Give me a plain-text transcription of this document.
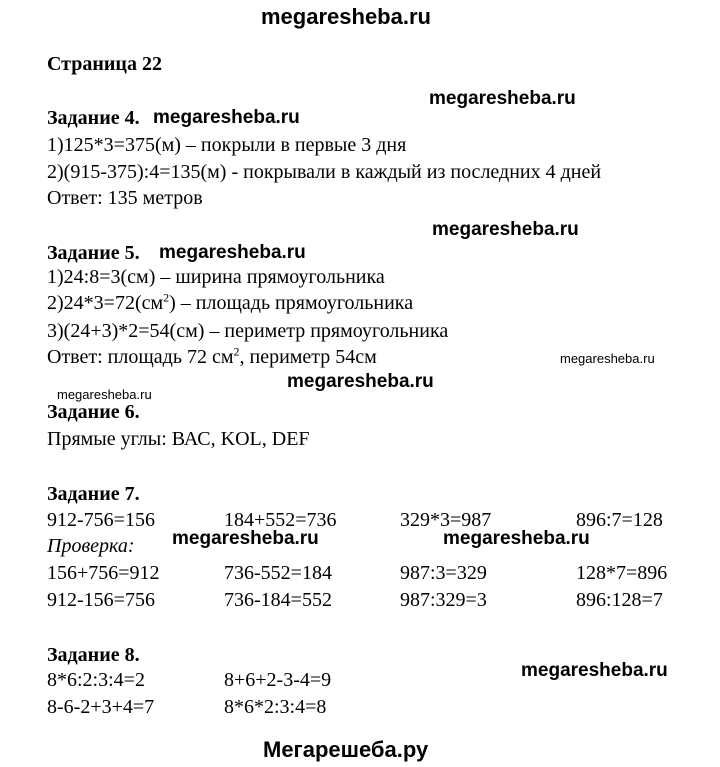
megaresheba.ru
Страница 22
Задание 4. megaresheba.ru
megaresheba.ru
1)125*3=375(м) – покрыли в первые 3 дня
2)(915-375):4=135(м) - покрывали в каждый из последних 4 дней
Ответ: 135 метров
Задание 5. megaresheba.ru
megaresheba.ru
1)24:8=3(см) – ширина прямоугольника
$2)24*3=72(см^2)$ – площадь прямоугольника
3)(24+3)*2=54(см) – периметр прямоугольника
Ответ: площадь 72 $см^2$, периметр 54см	megaresheba.ru
megaresheba.ru
megaresheba.ru
Задание 6.
Прямые углы: ВАС, KOL, DEF
Задание 7.
912-756=156	184+552=736	329*3=987	896:7=128
Проверка: megaresheba.ru	megaresheba.ru
156+756=912	736-552=184	987:3=329	128*7=896
912-156=756	736-184=552	987:329=3	896:128=7
Задание 8.
megaresheba.ru
8*6:2:3:4=2	8+6+2-3-4=9
8-6-2+3+4=7	8*6*2:3:4=8
Мегарешеба.ру
